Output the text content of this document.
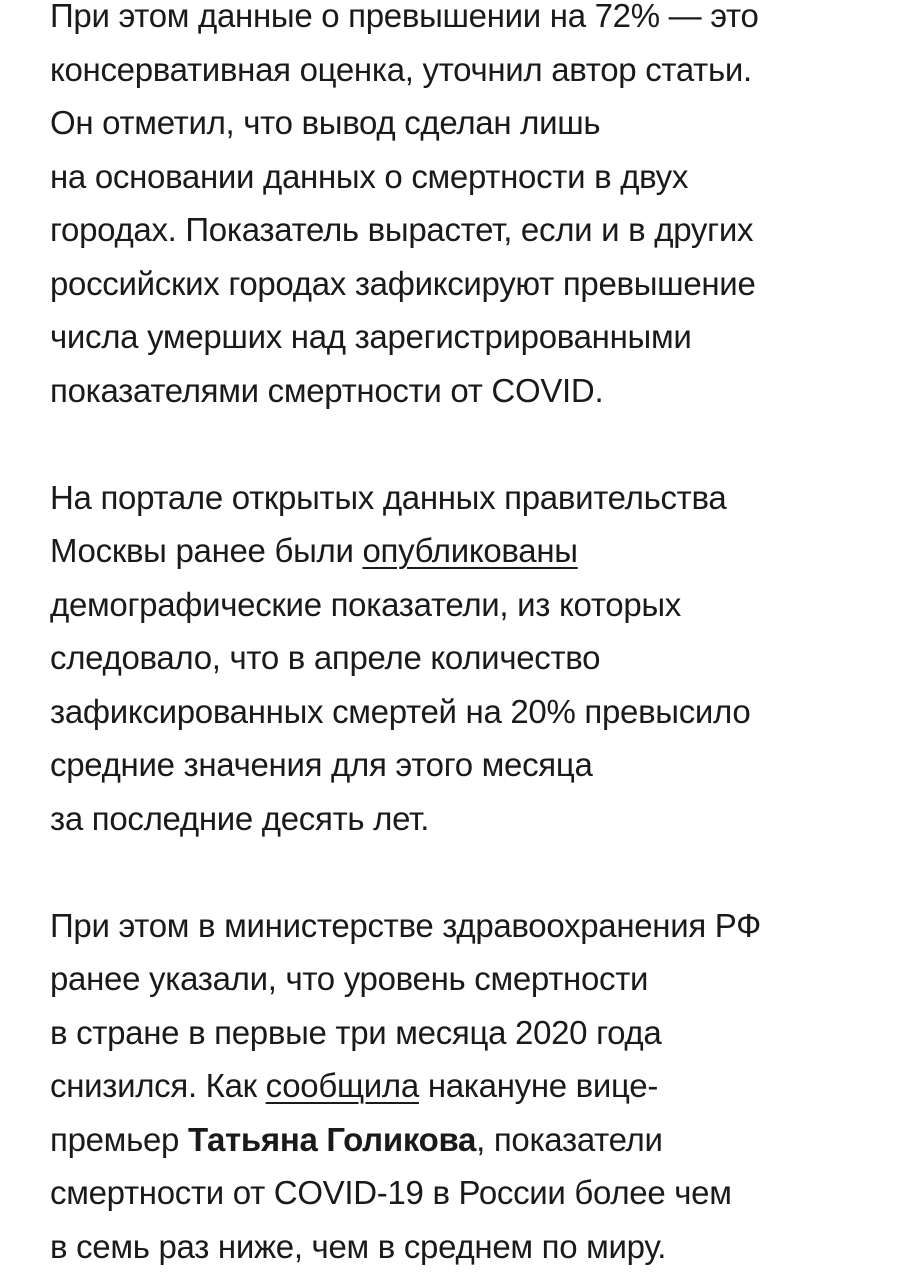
При этом данные о превышении на 72% — это
консервативная оценка, уточнил автор статьи.
Он отметил, что вывод сделан лишь
на основании данных о смертности в двух
городах. Показатель вырастет, если и в других
российских городах зафиксируют превышение
числа умерших над зарегистрированными
показателями смертности от COVID.
На портале открытых данных правительства
Москвы ранее были опубликованы
демографические показатели, из которых
следовало, что в апреле количество
зафиксированных смертей на 20% превысило
средние значения для этого месяца
за последние десять лет.
При этом в министерстве здравоохранения РФ
ранее указали, что уровень смертности
в стране в первые три месяца 2020 года
снизился. Как сообщила накануне вице-
премьер Татьяна Голикова, показатели
смертности от COVID-19 в России более чем
в семь раз ниже, чем в среднем по миру.
